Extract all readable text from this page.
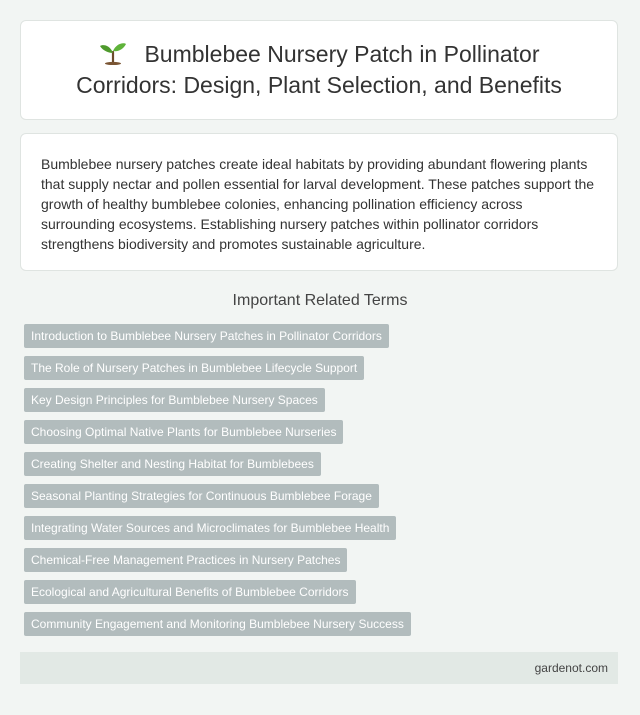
Bumblebee Nursery Patch in Pollinator Corridors: Design, Plant Selection, and Benefits

Bumblebee nursery patches create ideal habitats by providing abundant flowering plants that supply nectar and pollen essential for larval development. These patches support the growth of healthy bumblebee colonies, enhancing pollination efficiency across surrounding ecosystems. Establishing nursery patches within pollinator corridors strengthens biodiversity and promotes sustainable agriculture.

Important Related Terms
Introduction to Bumblebee Nursery Patches in Pollinator Corridors
The Role of Nursery Patches in Bumblebee Lifecycle Support
Key Design Principles for Bumblebee Nursery Spaces
Choosing Optimal Native Plants for Bumblebee Nurseries
Creating Shelter and Nesting Habitat for Bumblebees
Seasonal Planting Strategies for Continuous Bumblebee Forage
Integrating Water Sources and Microclimates for Bumblebee Health
Chemical-Free Management Practices in Nursery Patches
Ecological and Agricultural Benefits of Bumblebee Corridors
Community Engagement and Monitoring Bumblebee Nursery Success
gardenot.com
